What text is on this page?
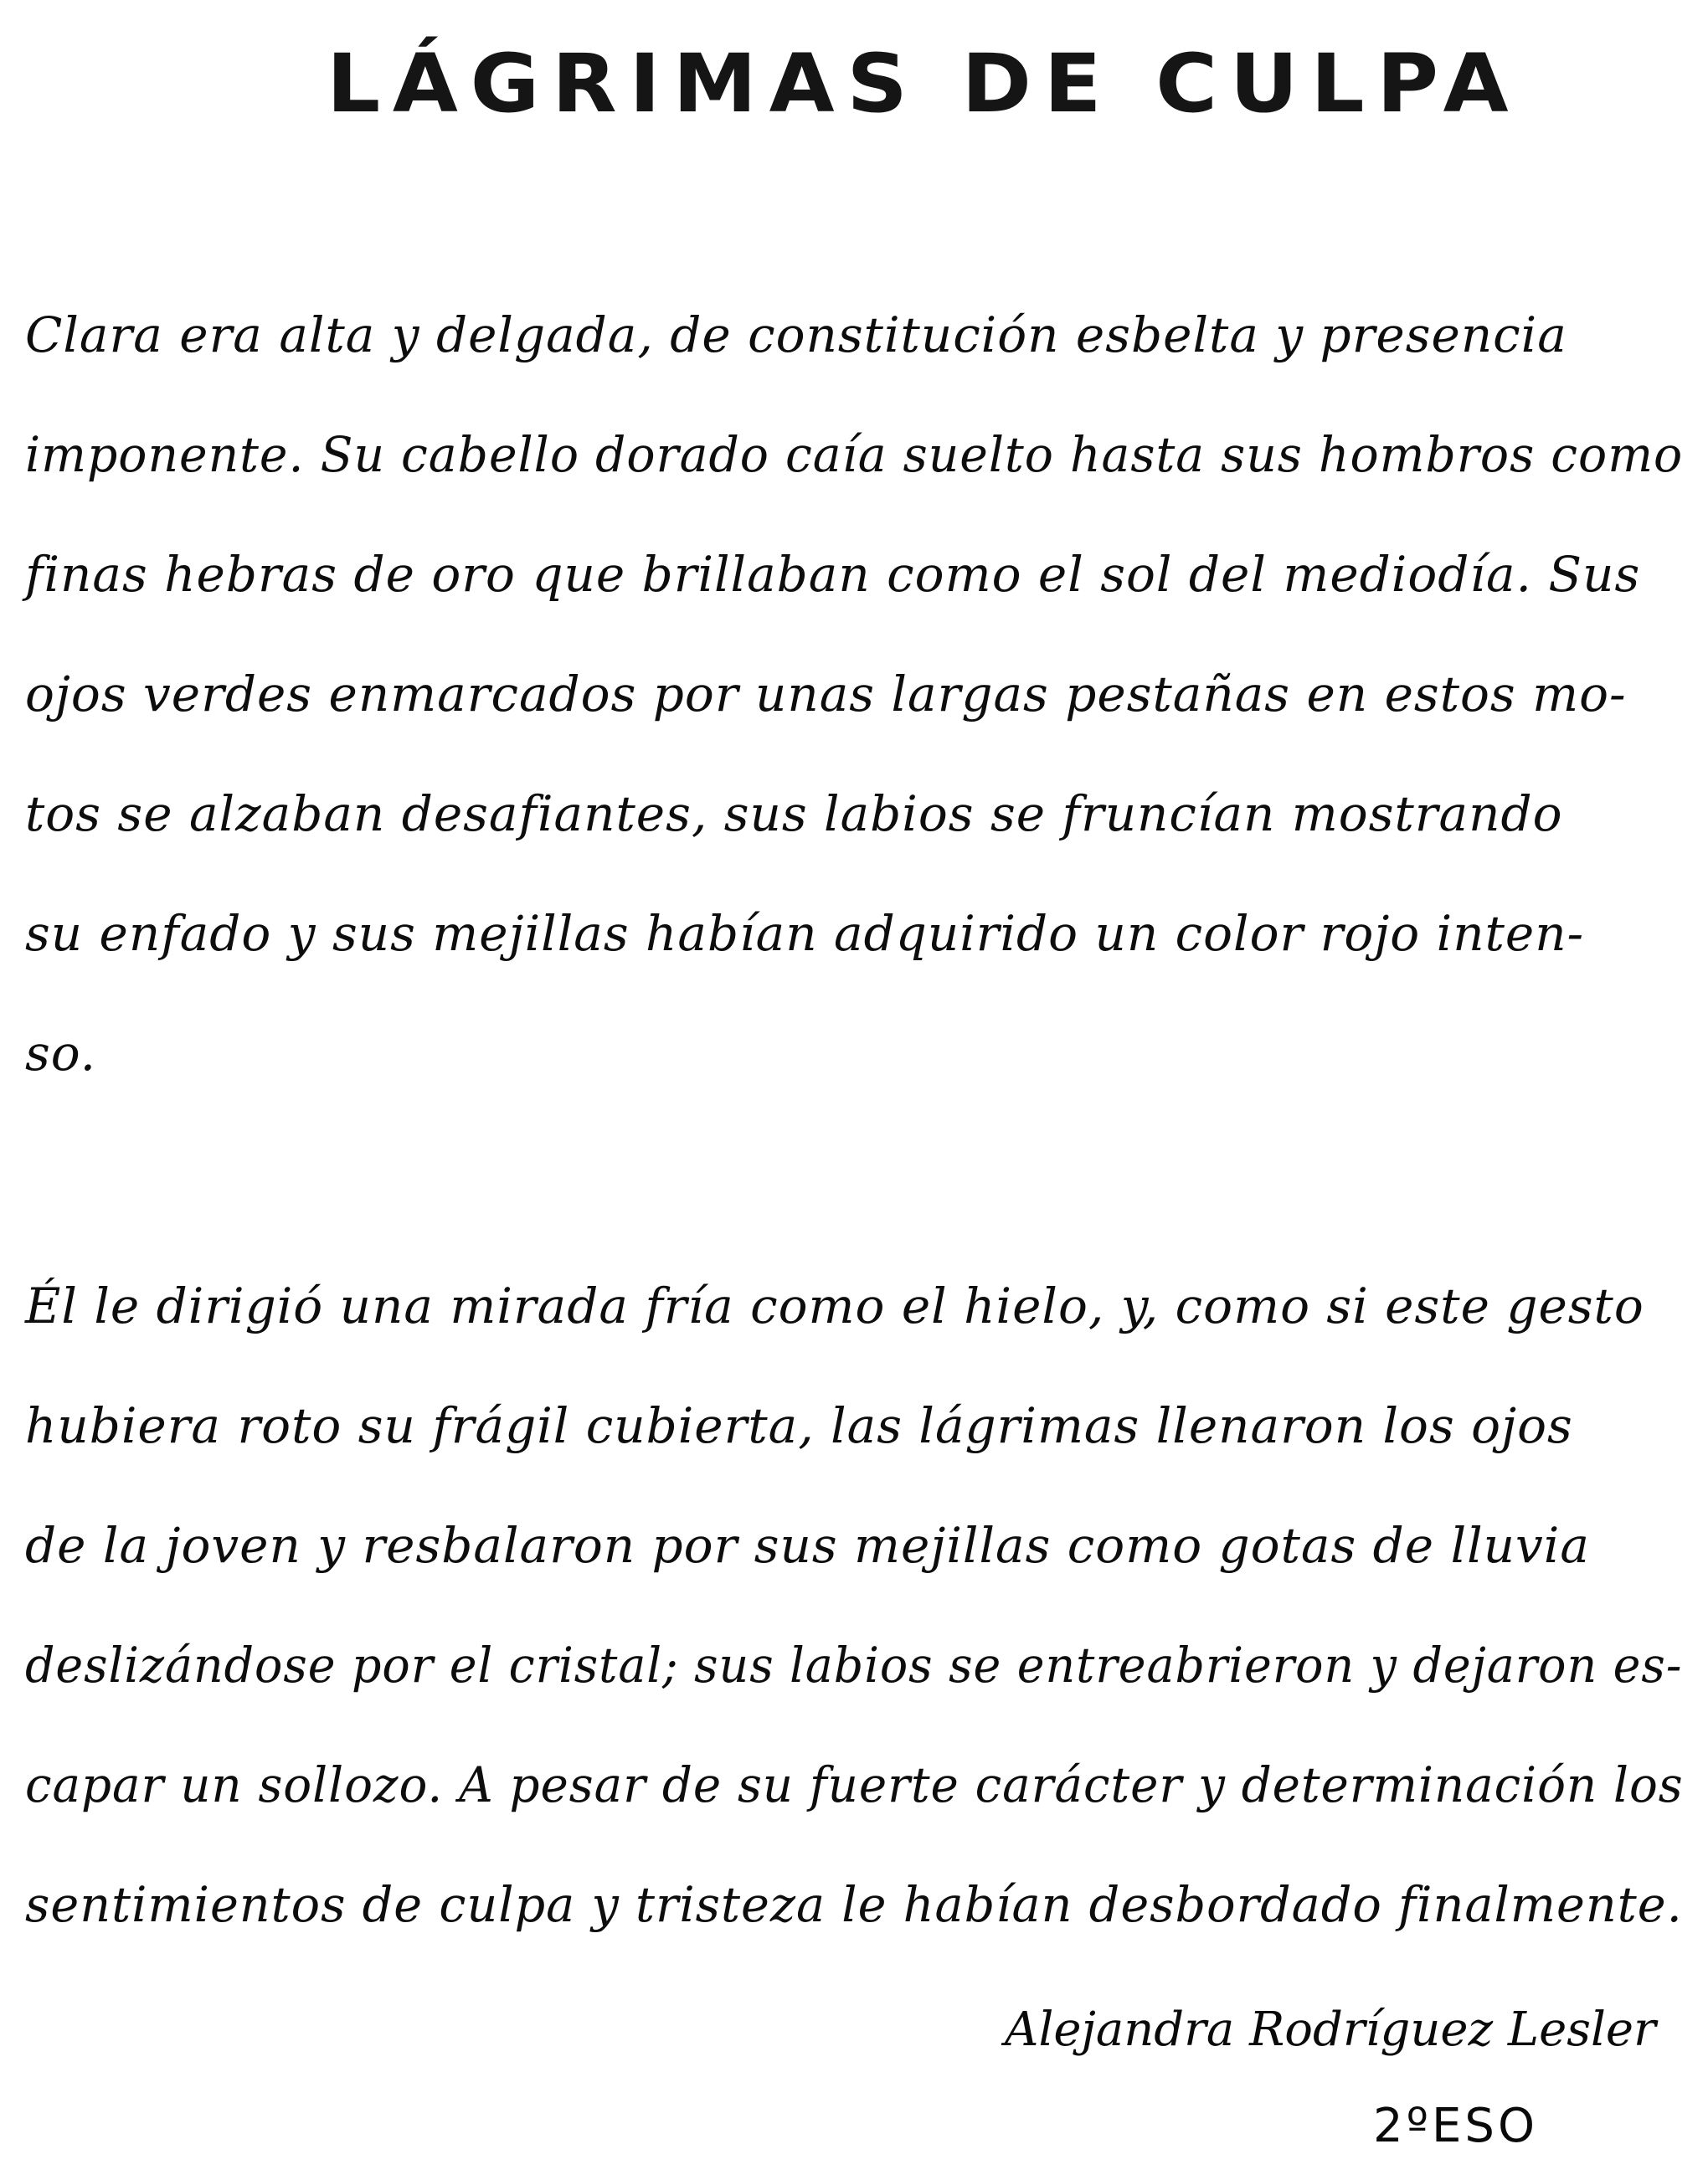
LÁGRIMAS DE CULPA
Clara era alta y delgada, de constitución esbelta y presencia
imponente. Su cabello dorado caía suelto hasta sus hombros como
finas hebras de oro que brillaban como el sol del mediodía. Sus
ojos verdes enmarcados por unas largas pestañas en estos mo-
tos se alzaban desafiantes, sus labios se fruncían mostrando
su enfado y sus mejillas habían adquirido un color rojo inten-
so.
Él le dirigió una mirada fría como el hielo, y, como si este gesto
hubiera roto su frágil cubierta, las lágrimas llenaron los ojos
de la joven y resbalaron por sus mejillas como gotas de lluvia
deslizándose por el cristal; sus labios se entreabrieron y dejaron es-
capar un sollozo. A pesar de su fuerte carácter y determinación los
sentimientos de culpa y tristeza le habían desbordado finalmente.
Alejandra Rodríguez Lesler
2ºESO
